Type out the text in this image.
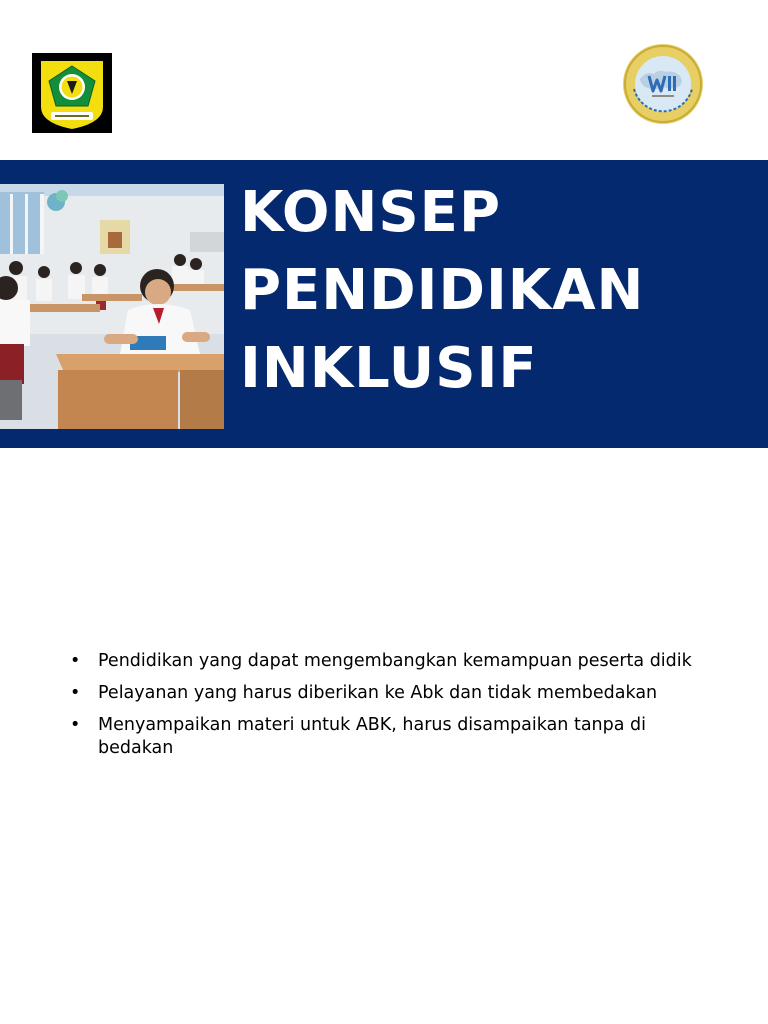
KONSEP
PENDIDIKAN
INKLUSIF
• Pendidikan yang dapat mengembangkan kemampuan peserta didik
• Pelayanan yang harus diberikan ke Abk dan tidak membedakan
• Menyampaikan materi untuk ABK, harus disampaikan tanpa di bedakan
